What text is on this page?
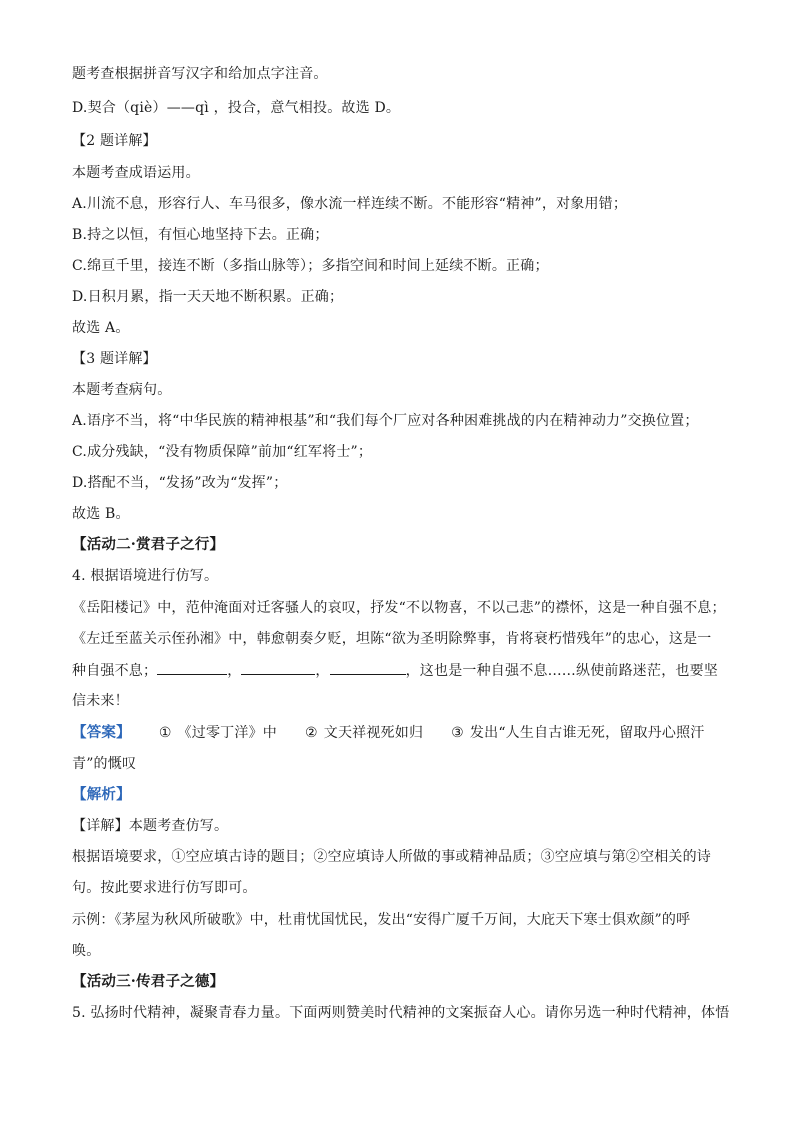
题考查根据拼音写汉字和给加点字注音。
D.契合（qiè）——qì ，投合，意气相投。故选 D。
【2 题详解】
本题考查成语运用。
A.川流不息，形容行人、车马很多，像水流一样连续不断。不能形容“精神”，对象用错；
B.持之以恒，有恒心地坚持下去。正确；
C.绵亘千里，接连不断（多指山脉等）；多指空间和时间上延续不断。正确；
D.日积月累，指一天天地不断积累。正确；
故选 A。
【3 题详解】
本题考查病句。
A.语序不当，将“中华民族的精神根基”和“我们每个厂应对各种困难挑战的内在精神动力”交换位置；
C.成分残缺，“没有物质保障”前加“红军将士”；
D.搭配不当，“发扬”改为“发挥”；
故选 B。
【活动二·赏君子之行】
4. 根据语境进行仿写。
《岳阳楼记》中，范仲淹面对迁客骚人的哀叹，抒发“不以物喜，不以己悲”的襟怀，这是一种自强不息；
《左迁至蓝关示侄孙湘》中，韩愈朝奏夕贬，坦陈“欲为圣明除弊事，肯将衰朽惜残年”的忠心，这是一
种自强不息；	，	，	，这也是一种自强不息……纵使前路迷茫，也要坚
信未来！
【答案】 ① 《过零丁洋》中 ② 文天祥视死如归 ③ 发出“人生自古谁无死，留取丹心照汗
青”的慨叹
【解析】
【详解】本题考查仿写。
根据语境要求，①空应填古诗的题目；②空应填诗人所做的事或精神品质；③空应填与第②空相关的诗
句。按此要求进行仿写即可。
示例：《茅屋为秋风所破歌》中，杜甫忧国忧民，发出“安得广厦千万间，大庇天下寒士俱欢颜”的呼
唤。
【活动三·传君子之德】
5. 弘扬时代精神，凝聚青春力量。下面两则赞美时代精神的文案振奋人心。请你另选一种时代精神，体悟
